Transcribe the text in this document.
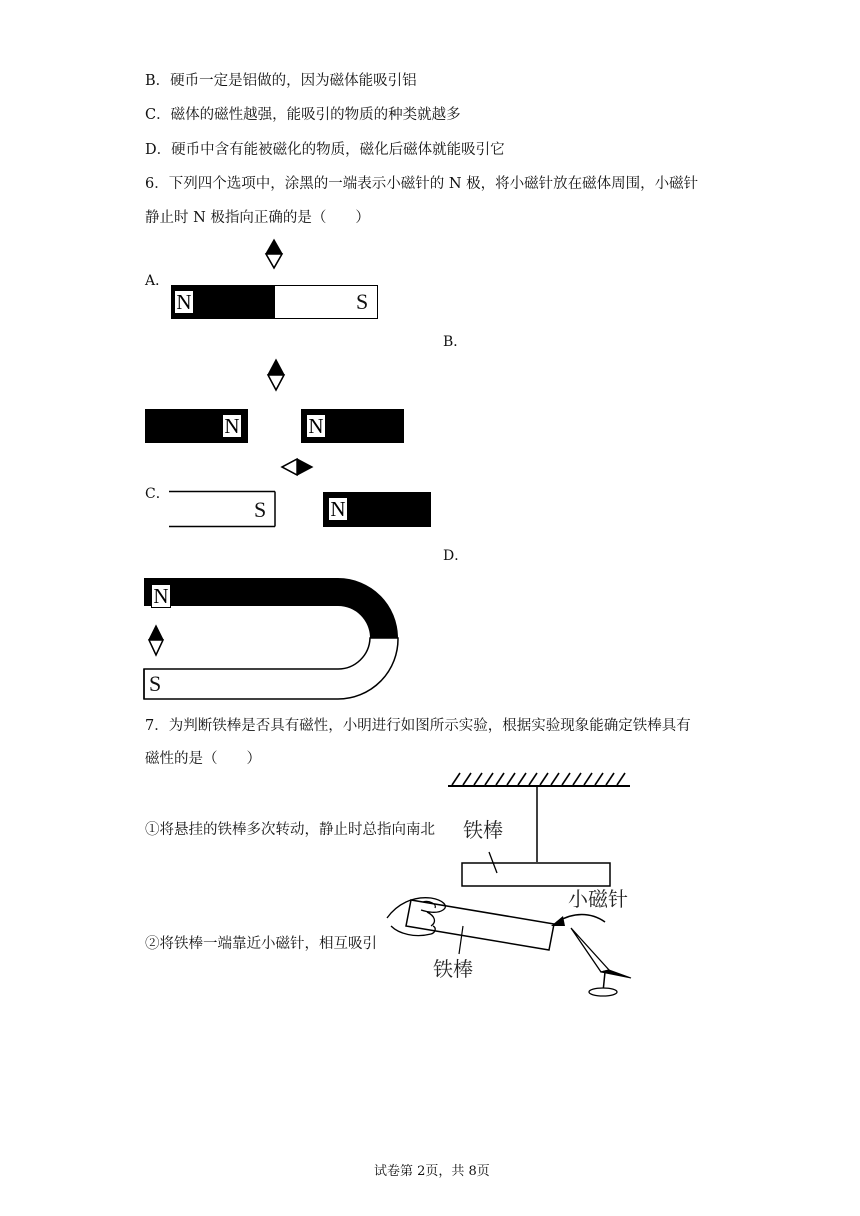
B．硬币一定是铝做的，因为磁体能吸引铝
C．磁体的磁性越强，能吸引的物质的种类就越多
D．硬币中含有能被磁化的物质，磁化后磁体就能吸引它
6．下列四个选项中，涂黑的一端表示小磁针的 N 极，将小磁针放在磁体周围，小磁针
静止时 N 极指向正确的是（　　）
A．
N	S
B．
N	N
C．
S	N
D．
N
S
7．为判断铁棒是否具有磁性，小明进行如图所示实验，根据实验现象能确定铁棒具有
磁性的是（　　）
铁棒
①将悬挂的铁棒多次转动，静止时总指向南北
小磁针
②将铁棒一端靠近小磁针，相互吸引
铁棒
试卷第 2页，共 8页
